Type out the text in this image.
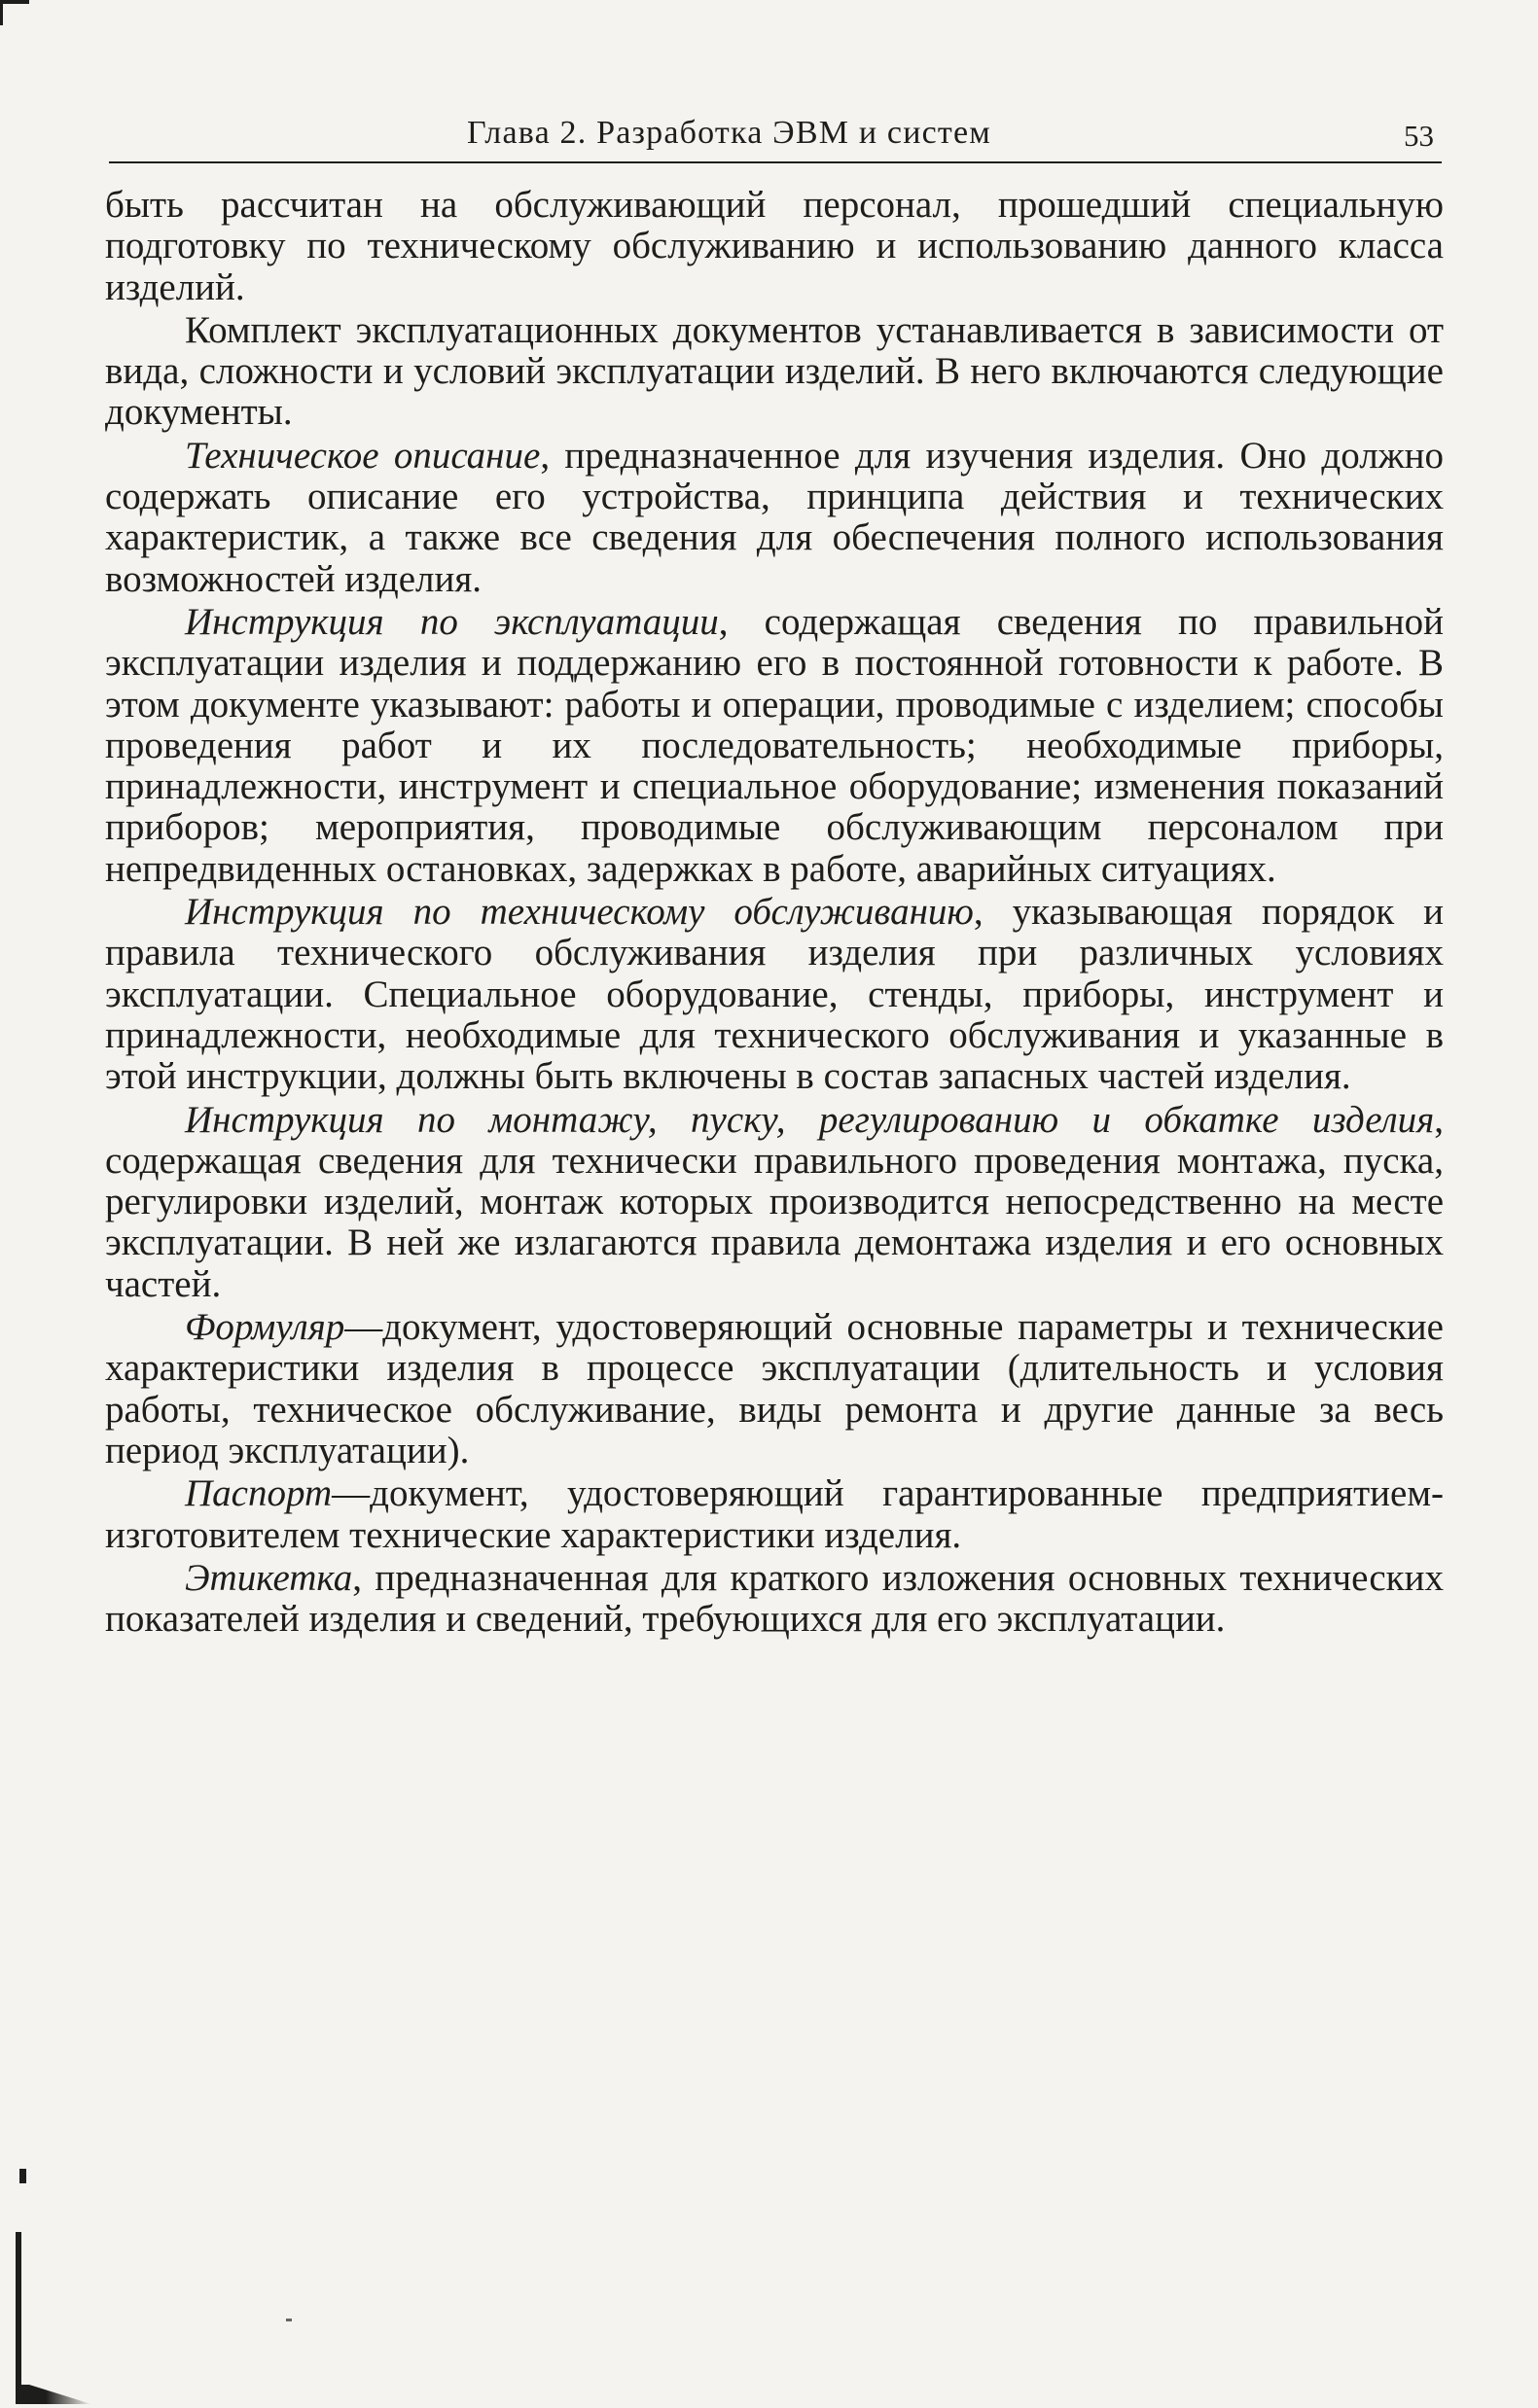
Глава 2. Разработка ЭВМ и систем	53

быть рассчитан на обслуживающий персонал, прошедший специальную подготовку по техническому обслуживанию и использованию данного класса изделий.

Комплект эксплуатационных документов устанавливается в зависимости от вида, сложности и условий эксплуатации изделий. В него включаются следующие документы.

Техническое описание, предназначенное для изучения изделия. Оно должно содержать описание его устройства, принципа действия и технических характеристик, а также все сведения для обеспечения полного использования возможностей изделия.

Инструкция по эксплуатации, содержащая сведения по правильной эксплуатации изделия и поддержанию его в постоянной готовности к работе. В этом документе указывают: работы и операции, проводимые с изделием; способы проведения работ и их последовательность; необходимые приборы, принадлежности, инструмент и специальное оборудование; изменения показаний приборов; мероприятия, проводимые обслуживающим персоналом при непредвиденных остановках, задержках в работе, аварийных ситуациях.

Инструкция по техническому обслуживанию, указывающая порядок и правила технического обслуживания изделия при различных условиях эксплуатации. Специальное оборудование, стенды, приборы, инструмент и принадлежности, необходимые для технического обслуживания и указанные в этой инструкции, должны быть включены в состав запасных частей изделия.

Инструкция по монтажу, пуску, регулированию и обкатке изделия, содержащая сведения для технически правильного проведения монтажа, пуска, регулировки изделий, монтаж которых производится непосредственно на месте эксплуатации. В ней же излагаются правила демонтажа изделия и его основных частей.

Формуляр—документ, удостоверяющий основные параметры и технические характеристики изделия в процессе эксплуатации (длительность и условия работы, техническое обслуживание, виды ремонта и другие данные за весь период эксплуатации).

Паспорт—документ, удостоверяющий гарантированные предприятием-изготовителем технические характеристики изделия.

Этикетка, предназначенная для краткого изложения основных технических показателей изделия и сведений, требующихся для его эксплуатации.
